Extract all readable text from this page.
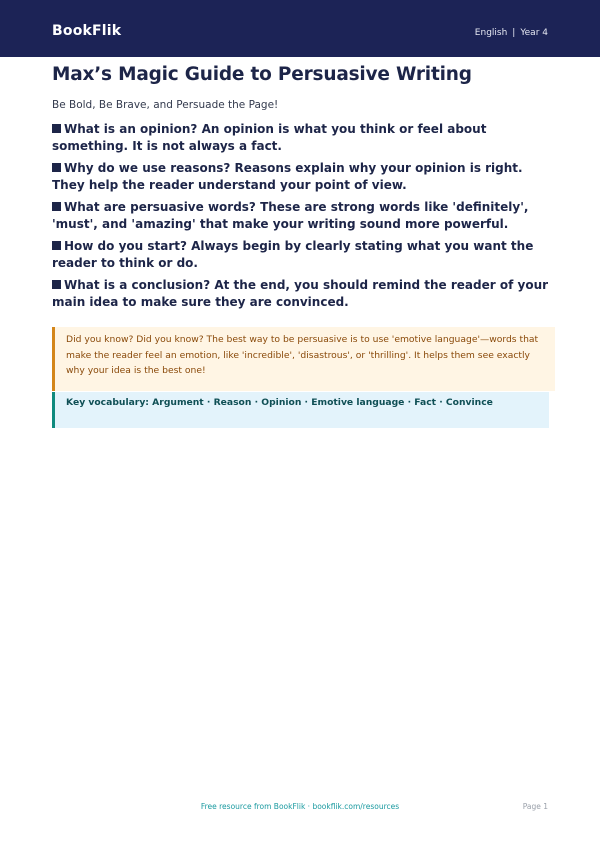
BookFlik	English | Year 4
Max’s Magic Guide to Persuasive Writing
Be Bold, Be Brave, and Persuade the Page!
What is an opinion? An opinion is what you think or feel about something. It is not always a fact.
Why do we use reasons? Reasons explain why your opinion is right. They help the reader understand your point of view.
What are persuasive words? These are strong words like 'definitely', 'must', and 'amazing' that make your writing sound more powerful.
How do you start? Always begin by clearly stating what you want the reader to think or do.
What is a conclusion? At the end, you should remind the reader of your main idea to make sure they are convinced.
Did you know? Did you know? The best way to be persuasive is to use 'emotive language'—words that make the reader feel an emotion, like 'incredible', 'disastrous', or 'thrilling'. It helps them see exactly why your idea is the best one!
Key vocabulary: Argument · Reason · Opinion · Emotive language · Fact · Convince
Free resource from BookFlik · bookflik.com/resources	Page 1
